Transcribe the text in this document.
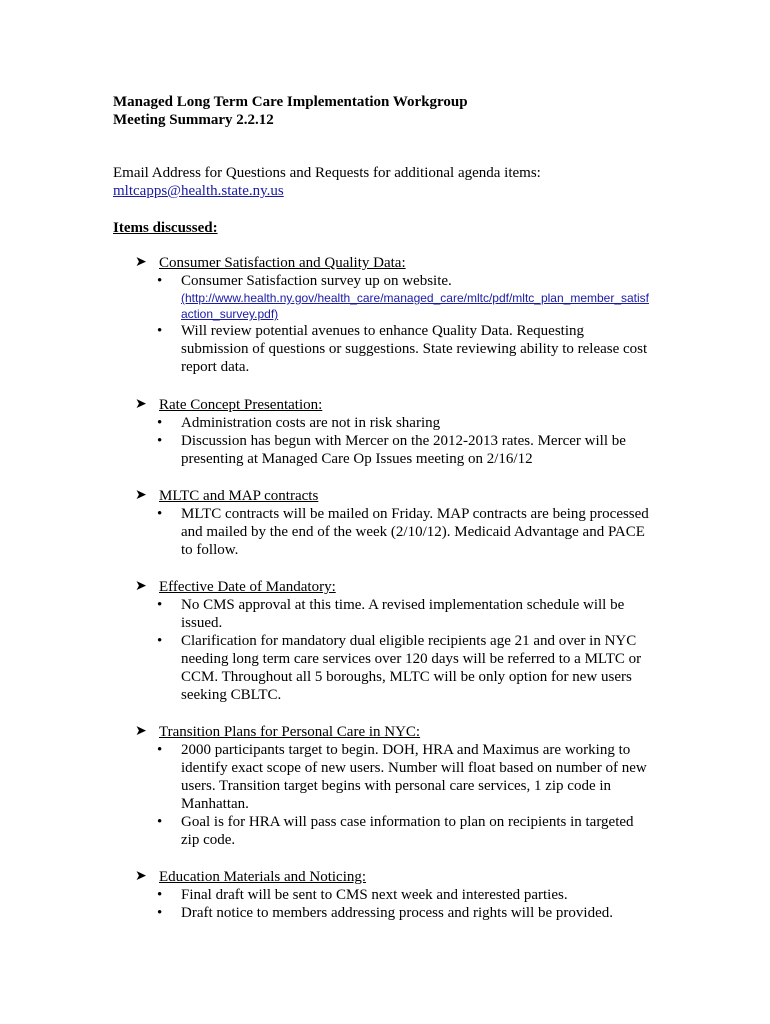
Managed Long Term Care Implementation Workgroup
Meeting Summary 2.2.12
Email Address for Questions and Requests for additional agenda items:
mltcapps@health.state.ny.us
Items discussed:
➤ Consumer Satisfaction and Quality Data:
• Consumer Satisfaction survey up on website.
(http://www.health.ny.gov/health_care/managed_care/mltc/pdf/mltc_plan_member_satisfaction_survey.pdf)
• Will review potential avenues to enhance Quality Data. Requesting submission of questions or suggestions. State reviewing ability to release cost report data.
➤ Rate Concept Presentation:
• Administration costs are not in risk sharing
• Discussion has begun with Mercer on the 2012-2013 rates. Mercer will be presenting at Managed Care Op Issues meeting on 2/16/12
➤ MLTC and MAP contracts
• MLTC contracts will be mailed on Friday. MAP contracts are being processed and mailed by the end of the week (2/10/12). Medicaid Advantage and PACE to follow.
➤ Effective Date of Mandatory:
• No CMS approval at this time. A revised implementation schedule will be issued.
• Clarification for mandatory dual eligible recipients age 21 and over in NYC needing long term care services over 120 days will be referred to a MLTC or CCM. Throughout all 5 boroughs, MLTC will be only option for new users seeking CBLTC.
➤ Transition Plans for Personal Care in NYC:
• 2000 participants target to begin. DOH, HRA and Maximus are working to identify exact scope of new users. Number will float based on number of new users. Transition target begins with personal care services, 1 zip code in Manhattan.
• Goal is for HRA will pass case information to plan on recipients in targeted zip code.
➤ Education Materials and Noticing:
• Final draft will be sent to CMS next week and interested parties.
• Draft notice to members addressing process and rights will be provided.
